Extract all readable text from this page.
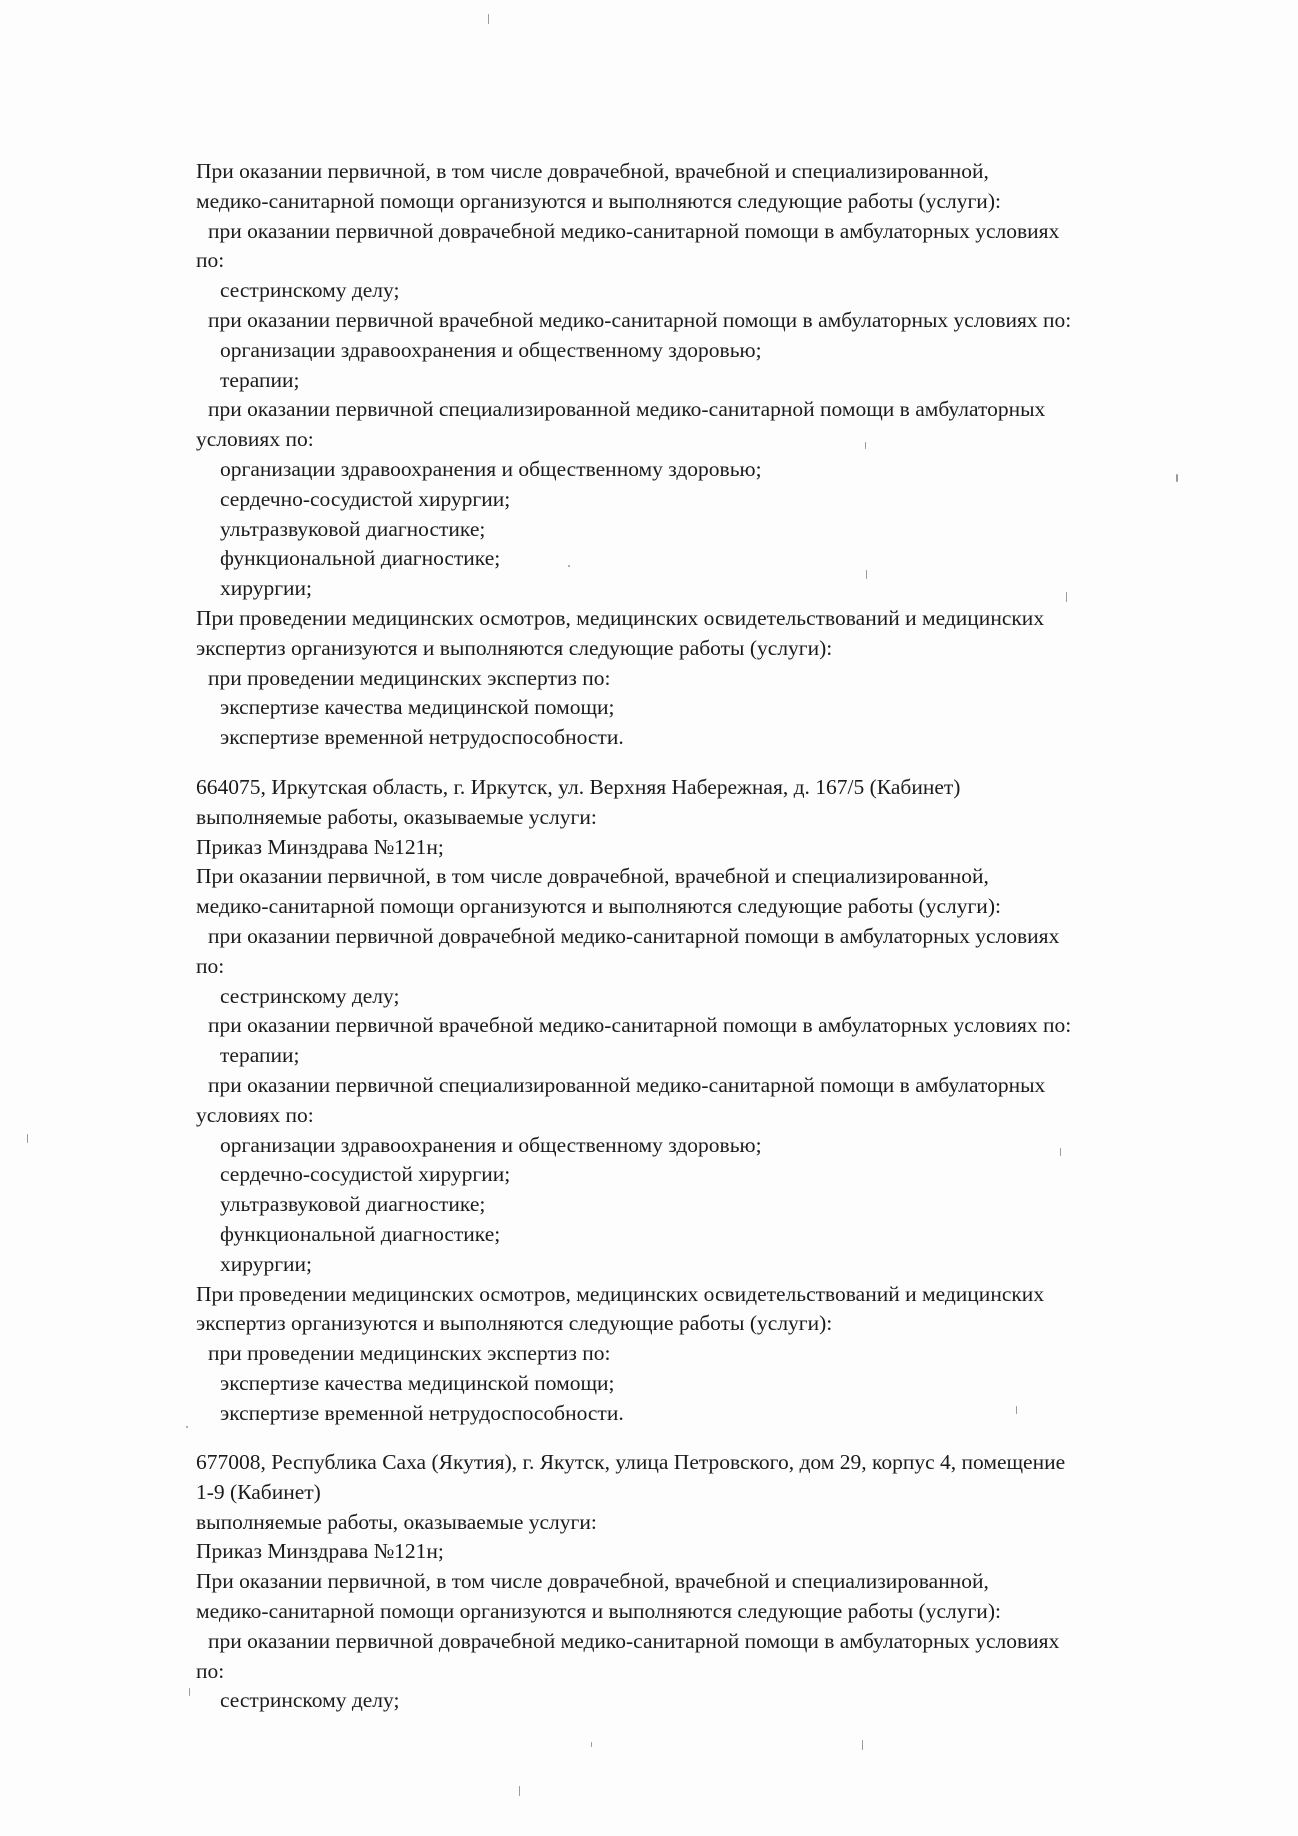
При оказании первичной, в том числе доврачебной, врачебной и специализированной,
медико-санитарной помощи организуются и выполняются следующие работы (услуги):
при оказании первичной доврачебной медико-санитарной помощи в амбулаторных условиях
по:
сестринскому делу;
при оказании первичной врачебной медико-санитарной помощи в амбулаторных условиях по:
организации здравоохранения и общественному здоровью;
терапии;
при оказании первичной специализированной медико-санитарной помощи в амбулаторных
условиях по:
организации здравоохранения и общественному здоровью;
сердечно-сосудистой хирургии;
ультразвуковой диагностике;
функциональной диагностике;
хирургии;
При проведении медицинских осмотров, медицинских освидетельствований и медицинских
экспертиз организуются и выполняются следующие работы (услуги):
при проведении медицинских экспертиз по:
экспертизе качества медицинской помощи;
экспертизе временной нетрудоспособности.
664075, Иркутская область, г. Иркутск, ул. Верхняя Набережная, д. 167/5 (Кабинет)
выполняемые работы, оказываемые услуги:
Приказ Минздрава №121н;
При оказании первичной, в том числе доврачебной, врачебной и специализированной,
медико-санитарной помощи организуются и выполняются следующие работы (услуги):
при оказании первичной доврачебной медико-санитарной помощи в амбулаторных условиях
по:
сестринскому делу;
при оказании первичной врачебной медико-санитарной помощи в амбулаторных условиях по:
терапии;
при оказании первичной специализированной медико-санитарной помощи в амбулаторных
условиях по:
организации здравоохранения и общественному здоровью;
сердечно-сосудистой хирургии;
ультразвуковой диагностике;
функциональной диагностике;
хирургии;
При проведении медицинских осмотров, медицинских освидетельствований и медицинских
экспертиз организуются и выполняются следующие работы (услуги):
при проведении медицинских экспертиз по:
экспертизе качества медицинской помощи;
экспертизе временной нетрудоспособности.
677008, Республика Саха (Якутия), г. Якутск, улица Петровского, дом 29, корпус 4, помещение
1-9 (Кабинет)
выполняемые работы, оказываемые услуги:
Приказ Минздрава №121н;
При оказании первичной, в том числе доврачебной, врачебной и специализированной,
медико-санитарной помощи организуются и выполняются следующие работы (услуги):
при оказании первичной доврачебной медико-санитарной помощи в амбулаторных условиях
по:
сестринскому делу;
